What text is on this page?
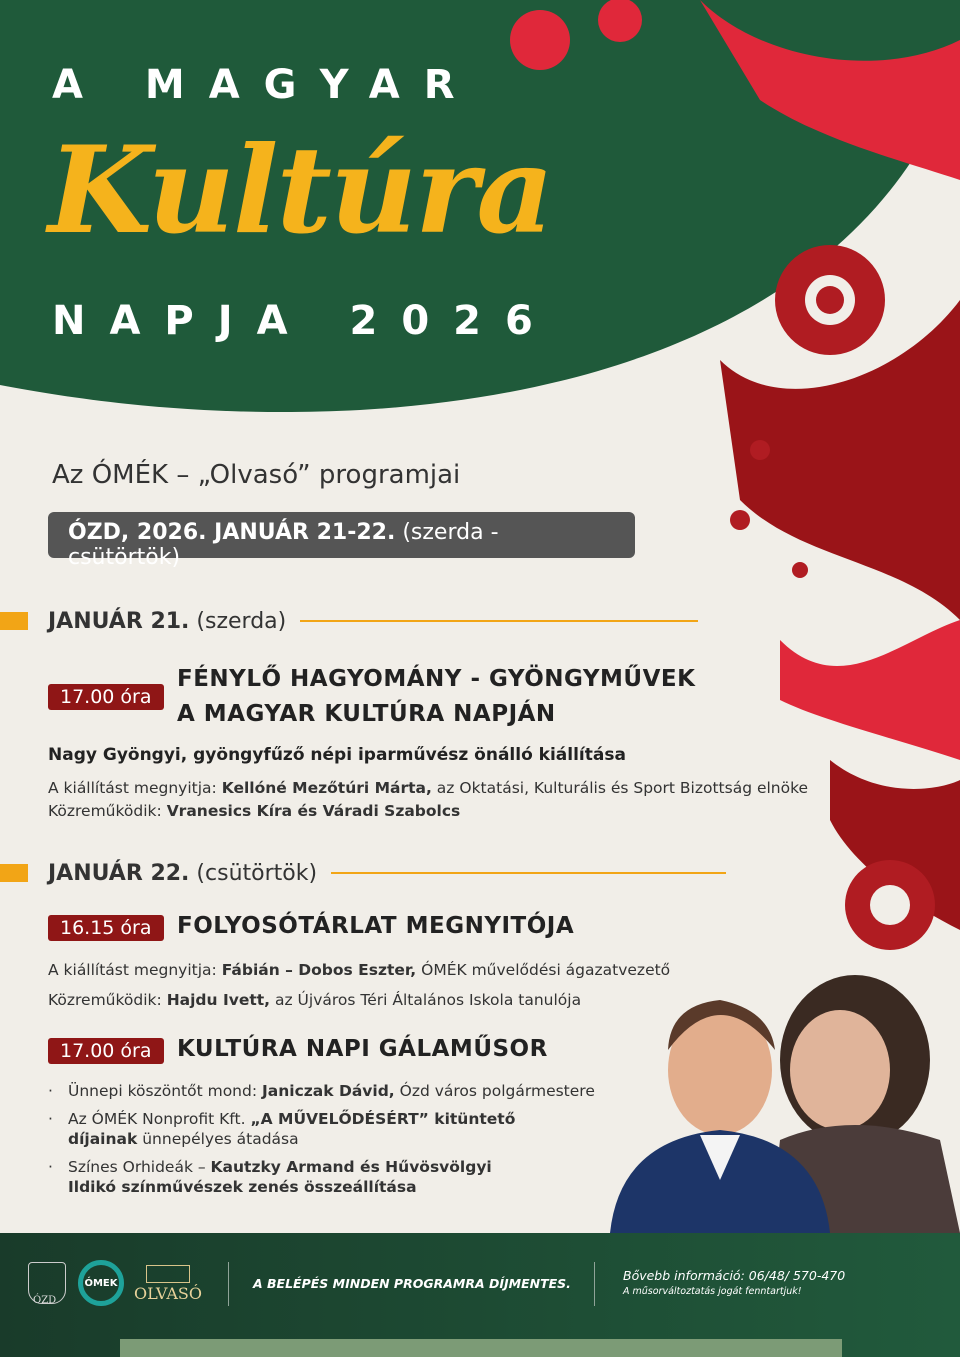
A MAGYAR
Kultúra
NAPJA 2026
Az ÓMÉK – „Olvasó” programjai
ÓZD, 2026. JANUÁR 21-22. (szerda - csütörtök)
JANUÁR 21. (szerda)
17.00 óra
FÉNYLŐ HAGYOMÁNY - GYÖNGYMŰVEK
A MAGYAR KULTÚRA NAPJÁN
Nagy Gyöngyi, gyöngyfűző népi iparművész önálló kiállítása
A kiállítást megnyitja: Kellóné Mezőtúri Márta, az Oktatási, Kulturális és Sport Bizottság elnöke
Közreműködik: Vranesics Kíra és Váradi Szabolcs
JANUÁR 22. (csütörtök)
16.15 óra	FOLYOSÓTÁRLAT MEGNYITÓJA
A kiállítást megnyitja: Fábián – Dobos Eszter, ÓMÉK művelődési ágazatvezető
Közreműködik: Hajdu Ivett, az Újváros Téri Általános Iskola tanulója
17.00 óra	KULTÚRA NAPI GÁLAMŰSOR
· Ünnepi köszöntőt mond: Janiczak Dávid, Ózd város polgármestere
· Az ÓMÉK Nonprofit Kft. „A MŰVELŐDÉSÉRT” kitüntető díjainak ünnepélyes átadása
· Színes Orhideák – Kautzky Armand és Hűvösvölgyi Ildikó színművészek zenés összeállítása
ÓZD
ÓMEK
OLVASÓ
A BELÉPÉS MINDEN PROGRAMRA DÍJMENTES.
Bővebb információ: 06/48/ 570-470
A műsorváltoztatás jogát fenntartjuk!
